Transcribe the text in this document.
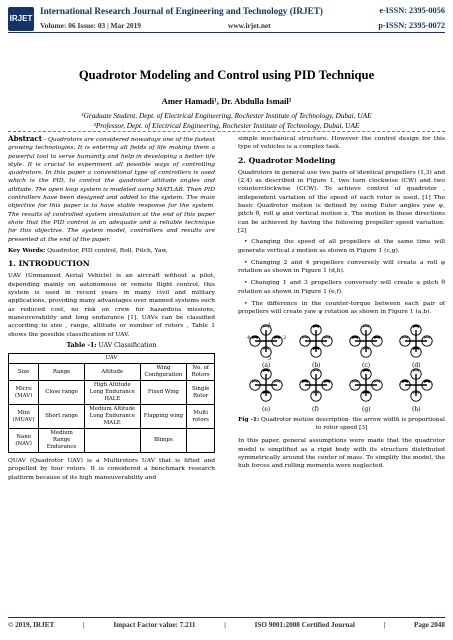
IRJET
International Research Journal of Engineering and Technology (IRJET)	e-ISSN: 2395-0056
Volume: 06 Issue: 03 | Mar 2019	www.irjet.net	p-ISSN: 2395-0072
Quadrotor Modeling and Control using PID Technique
Amer Hamadi¹, Dr. Abdulla Ismail²
¹Graduate Student, Dept. of Electrical Engineering, Rochester Institute of Technology, Dubai, UAE
²Professor, Dept. of Electrical Engineering, Rochester Institute of Technology, Dubai, UAE

Abstract - Quadrotors are considered nowadays one of the fastest growing technologies. It is entering all fields of life making them a powerful tool to serve humanity and help in developing a better life style. It is crucial to experiment all possible ways of controlling quadrotors. In this paper a conventional type of controllers is used which is the PID, to control the quadrotor attitude angles and altitude. The open loop system is modeled using MATLAB. Then PID controllers have been designed and added to the system. The main objective for this paper is to have stable response for the system. The results of controlled system simulation at the end of this paper show that the PID control is an adequate and a reliable technique for this objective. The system model, controllers and results are presented at the end of the paper.

Key Words: Quadrotor, PID control, Roll, Pitch, Yaw,

1. INTRODUCTION

UAV (Unmanned Aerial Vehicle) is an aircraft without a pilot, depending mainly on autonomous or remote flight control, this system is used in recent years in many civil and military applications, providing many advantages over manned systems such as reduced cost, no risk on crew for hazardous missions, maneuverability and long endurance [1]. UAVs can be classified according to size , range, altitude or number of rotors , Table 1 shows the possible classification of UAV.

Table -1: UAV Classification
UAV				
Size	Range	Altitude	Wing Configuration	No. of Rotors
Micro (MAV)	Close range	High Altitude Long Endurance HALE	Fixed Wing	Single Rotor
Mini (MUAV)	Short range	Medium Altitude Long Endurance MALE	Flapping wing	Multi rotors
Nano (NAV)	Medium Range Endurance		Blimps	

QUAV (Quadrotor UAV) is a Multirotors UAV that is lifted and propelled by four rotors. It is considered a benchmark research platform because of its high maneuverability and

simple mechanical structure. However the control design for this type of vehicles is a complex task.

2. Quadrotor Modeling

Quadrotors in general use two pairs of identical propellers (1,3) and (2,4) as described in Figure 1, two turn clockwise (CW) and two counterclockwise (CCW). To achieve control of quadrotor , independent variation of the speed of each rotor is used. [1] The basic Quadrotor motion is defined by using Euler angles yaw ψ, pitch θ, roll φ and vertical motion z. The motion in these directions can be achieved by having the following propeller speed variation: [2]

• Changing the speed of all propellers at the same time will generate vertical z motion as shown in Figure 1 (c,g).

• Changing 2 and 4 propellers conversely will create a roll φ rotation as shown in Figure 1 (d,h).

• Changing 1 and 3 propellers conversely will create a pitch θ rotation as shown in Figure 1 (e,f).

• The difference in the counter-torque between each pair of propellers will create yaw ψ rotation as shown in Figure 1 (a,b).

(a)	(b)	(c)	(d)
(e)	(f)	(g)	(h)
1
2
3
4
Fig -1: Quadrotor motion description- the arrow width is proportional to rotor speed [3]

In this paper, general assumptions were made that the quadrotor model is simplified as a rigid body with its structure distributed symmetrically around the center of mass. To simplify the model, the hub forces and rolling moments were neglected.

© 2019, IRJET	|	Impact Factor value: 7.211	|	ISO 9001:2008 Certified Journal	|	Page 2048
